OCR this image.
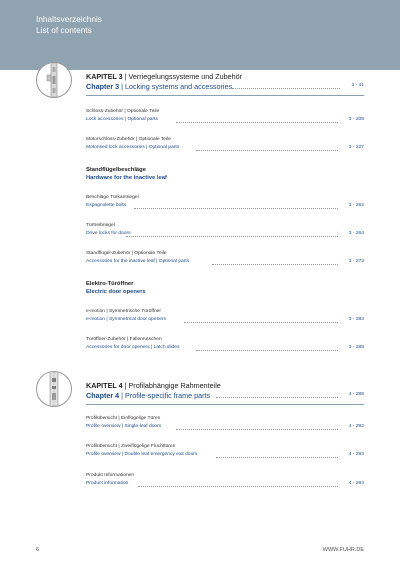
Inhaltsverzeichnis
List of contents
KAPITEL 3 | Verriegelungssysteme und Zubehör
Chapter 3 | Locking systems and accessories	3 - 41
Schloss-Zubehör | Optionale Teile
Lock accessories | Optional parts	3 - 209
Motorschloss-Zubehör | Optionale Teile
Motorised lock accessories | Optional parts	3 - 227
Standflügelbeschläge
Hardware for the inactive leaf
Beschläge Türkantriegel
Espagnolette bolts	3 - 262
Türtreibriegel
Drive locks for doors	3 - 264
Standflügel-Zubehör | Optionale Teile
Accessories for the inactive leaf | Optional parts	3 - 273
Elektro-Türöffner
Electric door openers
e-motion | Symmetrische Türöffner
e-motion | Symmetrical door openers	3 - 283
Türöffner-Zubehör | Fallenrutschen
Accessories for door openers | Latch slides	3 - 288
KAPITEL 4 | Profilabhängige Rahmenteile
Chapter 4 | Profile-specific frame parts	4 - 289
Profilübersicht | Einflügelige Türen
Profile overview | Single-leaf doors	4 - 292
Profilübersicht | Zweiflügelige Fluchttüren
Profile overview | Double leaf emergency exit doors	4 - 293
Produkt Informationen
Product information	4 - 294
6	WWW.FUHR.DE
